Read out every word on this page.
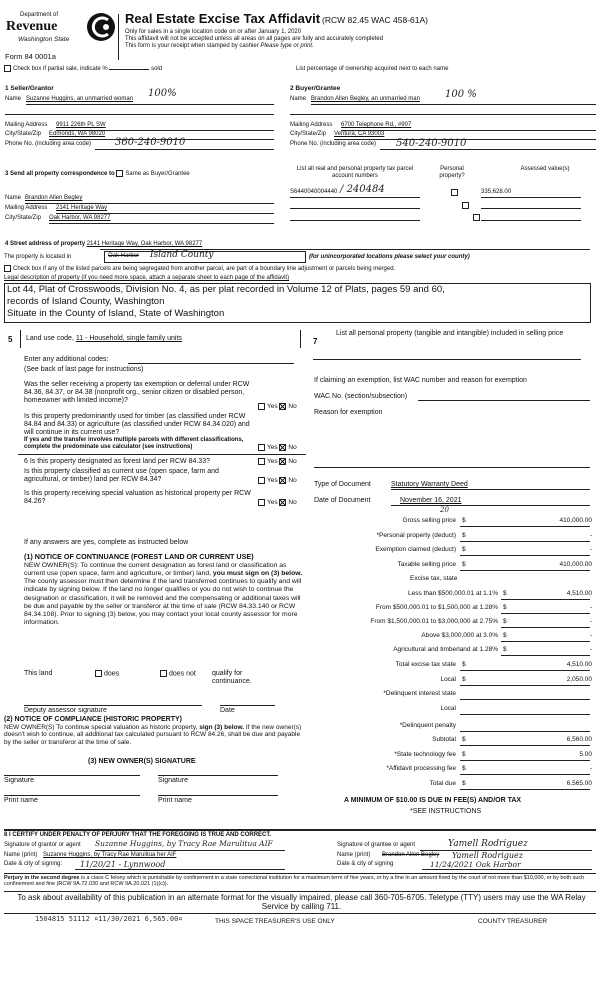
Department of
Revenue
Washington State
Form 84 0001a
Real Estate Excise Tax Affidavit (RCW 82.45 WAC 458-61A)
Only for sales in a single location code on or after January 1, 2020
This affidavit will not be accepted unless all areas on all pages are fully and accurately completed
This form is your receipt when stamped by cashier Please type or print.
Check box if partial sale, indicate %	sold	List percentage of ownership acquired next to each name
1 Seller/Grantor
Name Suzanne Huggins, an unmarried woman 100%
Mailing Address 9911 226th PL SW
City/State/Zip Edmonds, WA 98020
Phone No. (including area code) 360-240-9010
2 Buyer/Grantee
Name Brandon Allen Begley, an unmarried man	100 %
Mailing Address 6700 Telephone Rd., #907
City/State/Zip Ventura, CA 93003
Phone No. (including area code) 540-240-9010
3 Send all property correspondence to Same as Buyer/Grantee
Name Brandon Allen Begley
Mailing Address 2141 Heritage Way
City/State/Zip Oak Harbor, WA 98277
List all real and personal property tax parcel account numbers
Personal property?
Assessed value(s)
S6440040004440 / 240484
	335,628.00

4 Street address of property 2141 Heritage Way, Oak Harbor, WA 98277
The property is located in	Oak Harbor Island County	(for unincorporated locations please select your county)
Check box if any of the listed parcels are being segregated from another parcel, are part of a boundary line adjustment or parcels being merged.
Legal description of property (if you need more space, attach a separate sheet to each page of the affidavit)
Lot 44, Plat of Crosswoods, Division No. 4, as per plat recorded in Volume 12 of Plats, pages 59 and 60,
records of Island County, Washington
Situate in the County of Island, State of Washington
5 Land use code, 11 - Household, single family units	7
List all personal property (tangible and intangible) included in selling price
Enter any additional codes:
(See back of last page for instructions)
Was the seller receiving a property tax exemption or deferral under RCW 84.36, 84.37, or 84.38 (nonprofit org., senior citizen or disabled person, homeowner with limited income)?
Yes No
Is this property predominantly used for timber (as classified under RCW 84.84 and 84.33) or agriculture (as classified under RCW 84.34.020) and will continue in its current use?
If yes and the transfer involves multiple parcels with different classifications, complete the predominate use calculator (see instructions)	Yes No
If claiming an exemption, list WAC number and reason for exemption
WAC No. (section/subsection)
Reason for exemption
6 Is this property designated as forest land per RCW 84.33?	Yes No
Is this property classified as current use (open space, farm and agricultural, or timber) land per RCW 84.34?	Yes No
Is this property receiving special valuation as historical property per RCW 84.26?	Yes No
If any answers are yes, complete as instructed below
(1) NOTICE OF CONTINUANCE (FOREST LAND OR CURRENT USE)
NEW OWNER(S): To continue the current designation as forest land or classification as current use (open space, farm and agriculture, or timber) land, you must sign on (3) below. The county assessor must then determine if the land transferred continues to qualify and will indicate by signing below. If the land no longer qualifies or you do not wish to continue the designation or classification, it will be removed and the compensating or additional taxes will be due and payable by the seller or transferor at the time of sale (RCW 84.33.140 or RCW 84.34.108). Prior to signing (3) below, you may contact your local county assessor for more information.
This land	does	does not qualify for continuance.
Deputy assessor signature	Date
(2) NOTICE OF COMPLIANCE (HISTORIC PROPERTY)
NEW OWNER(S) To continue special valuation as historic property, sign (3) below. If the new owner(s) doesn't wish to continue, all additional tax calculated pursuant to RCW 84.26, shall be due and payable by the seller or transferor at the time of sale.
(3) NEW OWNER(S) SIGNATURE
Signature	Signature
Print name	Print name
Type of Document	Statutory Warranty Deed
Date of Document	November 16, 2021
20
Gross selling price $	410,000.00
*Personal property (deduct) $	-
Exemption claimed (deduct) $	-
Taxable selling price $	410,000.00
Excise tax, state
Less than $500,000.01 at 1.1% $	4,510.00
From $500,000.01 to $1,500,000 at 1.28% $	-
From $1,500,000.01 to $3,000,000 at 2.75% $	-
Above $3,000,000 at 3.0% $	-
Agricultural and timberland at 1.28% $	-
Total excise tax state $	4,510.00
Local $	2,050.00
*Delinquent interest state
Local
*Delinquent penalty
Subtotal $	6,560.00
*State technology fee $	5.00
*Affidavit processing fee $	-
Total due $	6,565.00
A MINIMUM OF $10.00 IS DUE IN FEE(S) AND/OR TAX
*SEE INSTRUCTIONS
8 I CERTIFY UNDER PENALTY OF PERJURY THAT THE FOREGOING IS TRUE AND CORRECT.
Signature of grantor or agent Suzanne Huggins, by Tracy Rae Marulitua AIF
Name (print) Suzanne Huggins, by Tracy Rae Marulitua her AIF
Date & city of signing: 11/20/21 - Lynnwood
Signature of grantee or agent	Yamell Rodriguez
Name (print) Brandon Allen Begley Yamell Rodriguez
Date & city of signing	11/24/2021 Oak Harbor
Perjury in the second degree is a class C felony which is punishable by confinement in a state correctional institution for a maximum term of five years, or by a fine in an amount fixed by the court of not more than $10,000, or by both such confinement and fine (RCW 9A.72.030 and RCW 9A.20.021 (1)(c)).
To ask about availability of this publication in an alternate format for the visually impaired, please call 360-705-6705. Teletype (TTY) users may use the WA Relay Service by calling 711.
1504815 51112 ¤11/30/2021 6,565.00¤	THIS SPACE TREASURER'S USE ONLY	COUNTY TREASURER
